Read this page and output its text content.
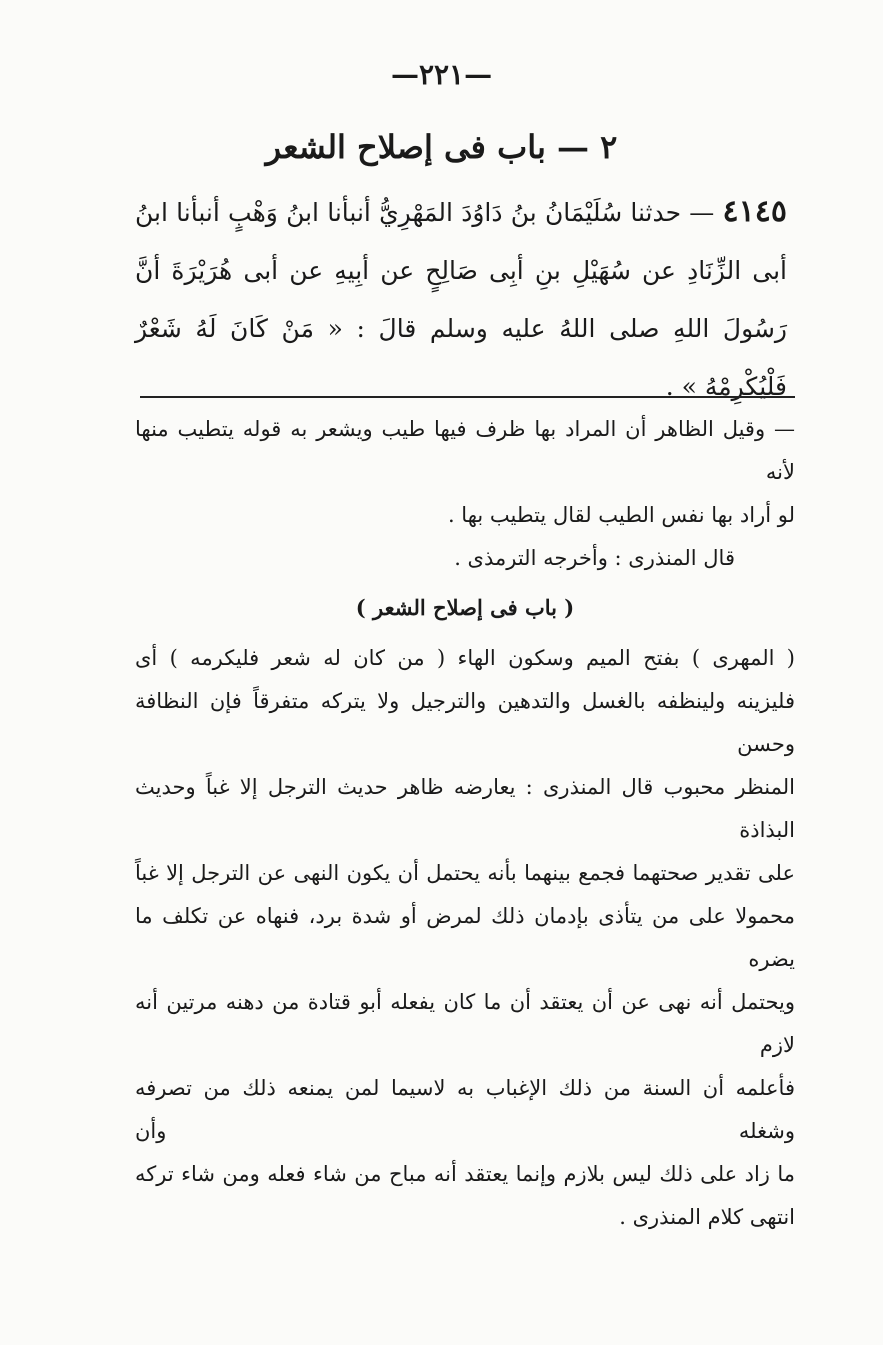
—٢٢١—
٢ — باب فى إصلاح الشعر
٤١٤٥ — حدثنا سُلَيْمَانُ بنُ دَاوُدَ المَهْرِيُّ أنبأنا ابنُ وَهْبٍ أنبأنا ابنُ أبى الزِّنَادِ عن سُهَيْلِ بنِ أبِى صَالِحٍ عن أبِيهِ عن أبى هُرَيْرَةَ أنَّ رَسُولَ اللهِ صلى اللهُ عليه وسلم قالَ : « مَنْ كَانَ لَهُ شَعْرٌ فَلْيُكْرِمْهُ » .

— وقيل الظاهر أن المراد بها ظرف فيها طيب ويشعر به قوله يتطيب منها لأنه

لو أراد بها نفس الطيب لقال يتطيب بها .

قال المنذرى : وأخرجه الترمذى .

( باب فى إصلاح الشعر )

( المهرى ) بفتح الميم وسكون الهاء ( من كان له شعر فليكرمه ) أى

فليزينه ولينظفه بالغسل والتدهين والترجيل ولا يتركه متفرقاً فإن النظافة وحسن

المنظر محبوب قال المنذرى : يعارضه ظاهر حديث الترجل إلا غباً وحديث البذاذة

على تقدير صحتهما فجمع بينهما بأنه يحتمل أن يكون النهى عن الترجل إلا غباً

محمولا على من يتأذى بإدمان ذلك لمرض أو شدة برد، فنهاه عن تكلف ما يضره

ويحتمل أنه نهى عن أن يعتقد أن ما كان يفعله أبو قتادة من دهنه مرتين أنه لازم

فأعلمه أن السنة من ذلك الإغباب به لاسيما لمن يمنعه ذلك من تصرفه وشغله وأن

ما زاد على ذلك ليس بلازم وإنما يعتقد أنه مباح من شاء فعله ومن شاء تركه

انتهى كلام المنذرى .
